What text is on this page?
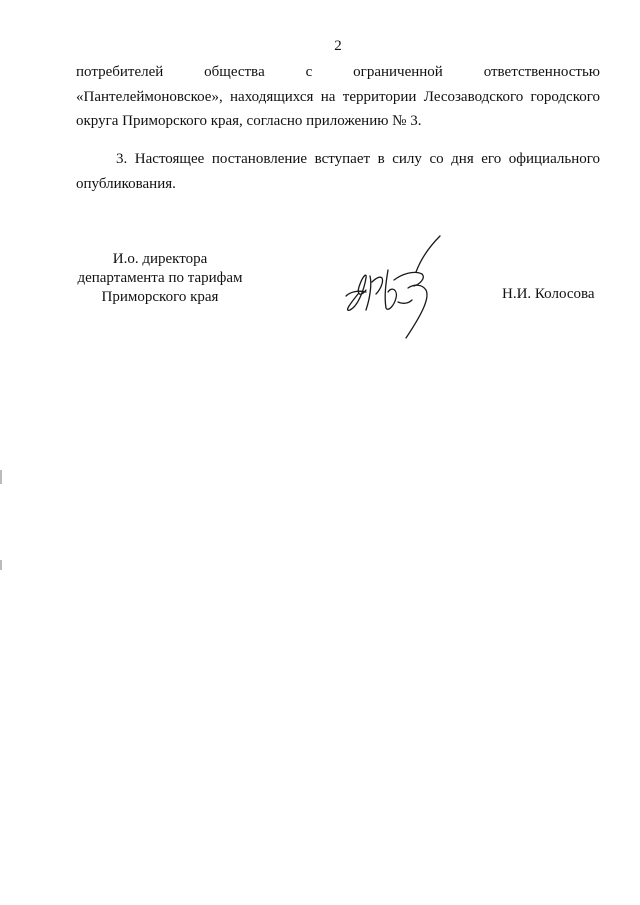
2

потребителей обществa с ограниченной ответственностью
«Пантелеймоновское», находящихся на территории Лесозаводского городского
округа Приморского края, согласно приложению № 3.

3. Настоящее постановление вступает в силу со дня его официального
опубликования.

И.о. директора
департамента по тарифам
Приморского края	Н.И. Колосова
